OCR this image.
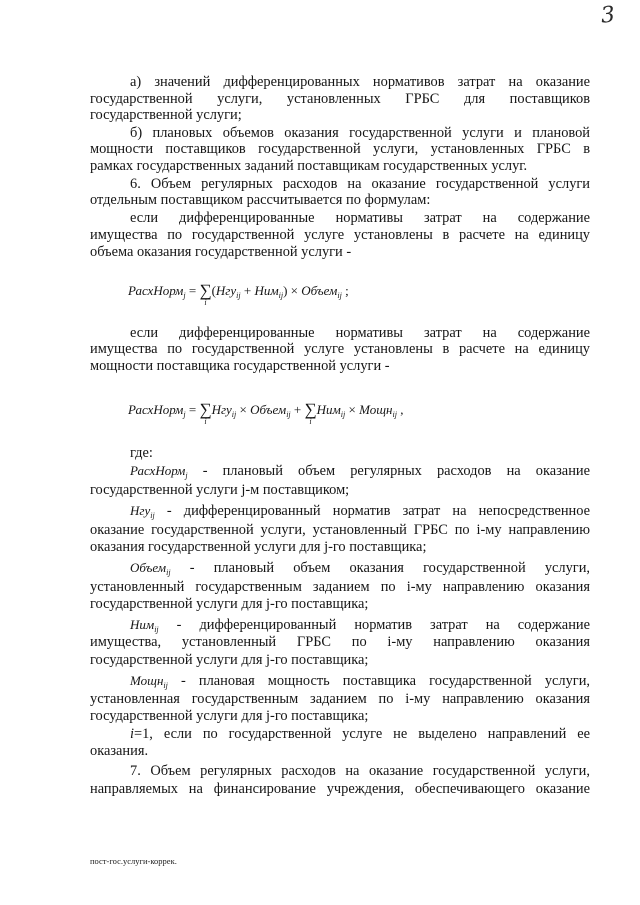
3
а) значений дифференцированных нормативов затрат на оказание
государственной услуги, установленных ГРБС для поставщиков
государственной услуги;
б) плановых объемов оказания государственной услуги и плановой
мощности поставщиков государственной услуги, установленных ГРБС в
рамках государственных заданий поставщикам государственных услуг.
6. Объем регулярных расходов на оказание государственной услуги
отдельным поставщиком рассчитывается по формулам:
если дифференцированные нормативы затрат на содержание
имущества по государственной услуге установлены в расчете на единицу
объема оказания государственной услуги -
РасхНорм$_j$ = ∑
i
(Нгу$_{ij}$ + Ним$_{ij}$) × Объем$_{ij}$ ;
если дифференцированные нормативы затрат на содержание
имущества по государственной услуге установлены в расчете на единицу
мощности поставщика государственной услуги -
РасхНорм$_j$ = ∑
i
Нгу$_{ij}$ × Объем$_{ij}$ + ∑
i
Ним$_{ij}$ × Мощн$_{ij}$ ,
где:
РасхНорм$_j$ - плановый объем регулярных расходов на оказание
государственной услуги j-м поставщиком;
Нгу$_{ij}$ - дифференцированный норматив затрат на непосредственное
оказание государственной услуги, установленный ГРБС по i-му направлению
оказания государственной услуги для j-го поставщика;
Объем$_{ij}$ - плановый объем оказания государственной услуги,
установленный государственным заданием по i-му направлению оказания
государственной услуги для j-го поставщика;
Ним$_{ij}$ - дифференцированный норматив затрат на содержание
имущества, установленный ГРБС по i-му направлению оказания
государственной услуги для j-го поставщика;
Мощн$_{ij}$ - плановая мощность поставщика государственной услуги,
установленная государственным заданием по i-му направлению оказания
государственной услуги для j-го поставщика;
i=1, если по государственной услуге не выделено направлений ее
оказания.
7. Объем регулярных расходов на оказание государственной услуги,
направляемых на финансирование учреждения, обеспечивающего оказание
пост-гос.услуги-коррек.
